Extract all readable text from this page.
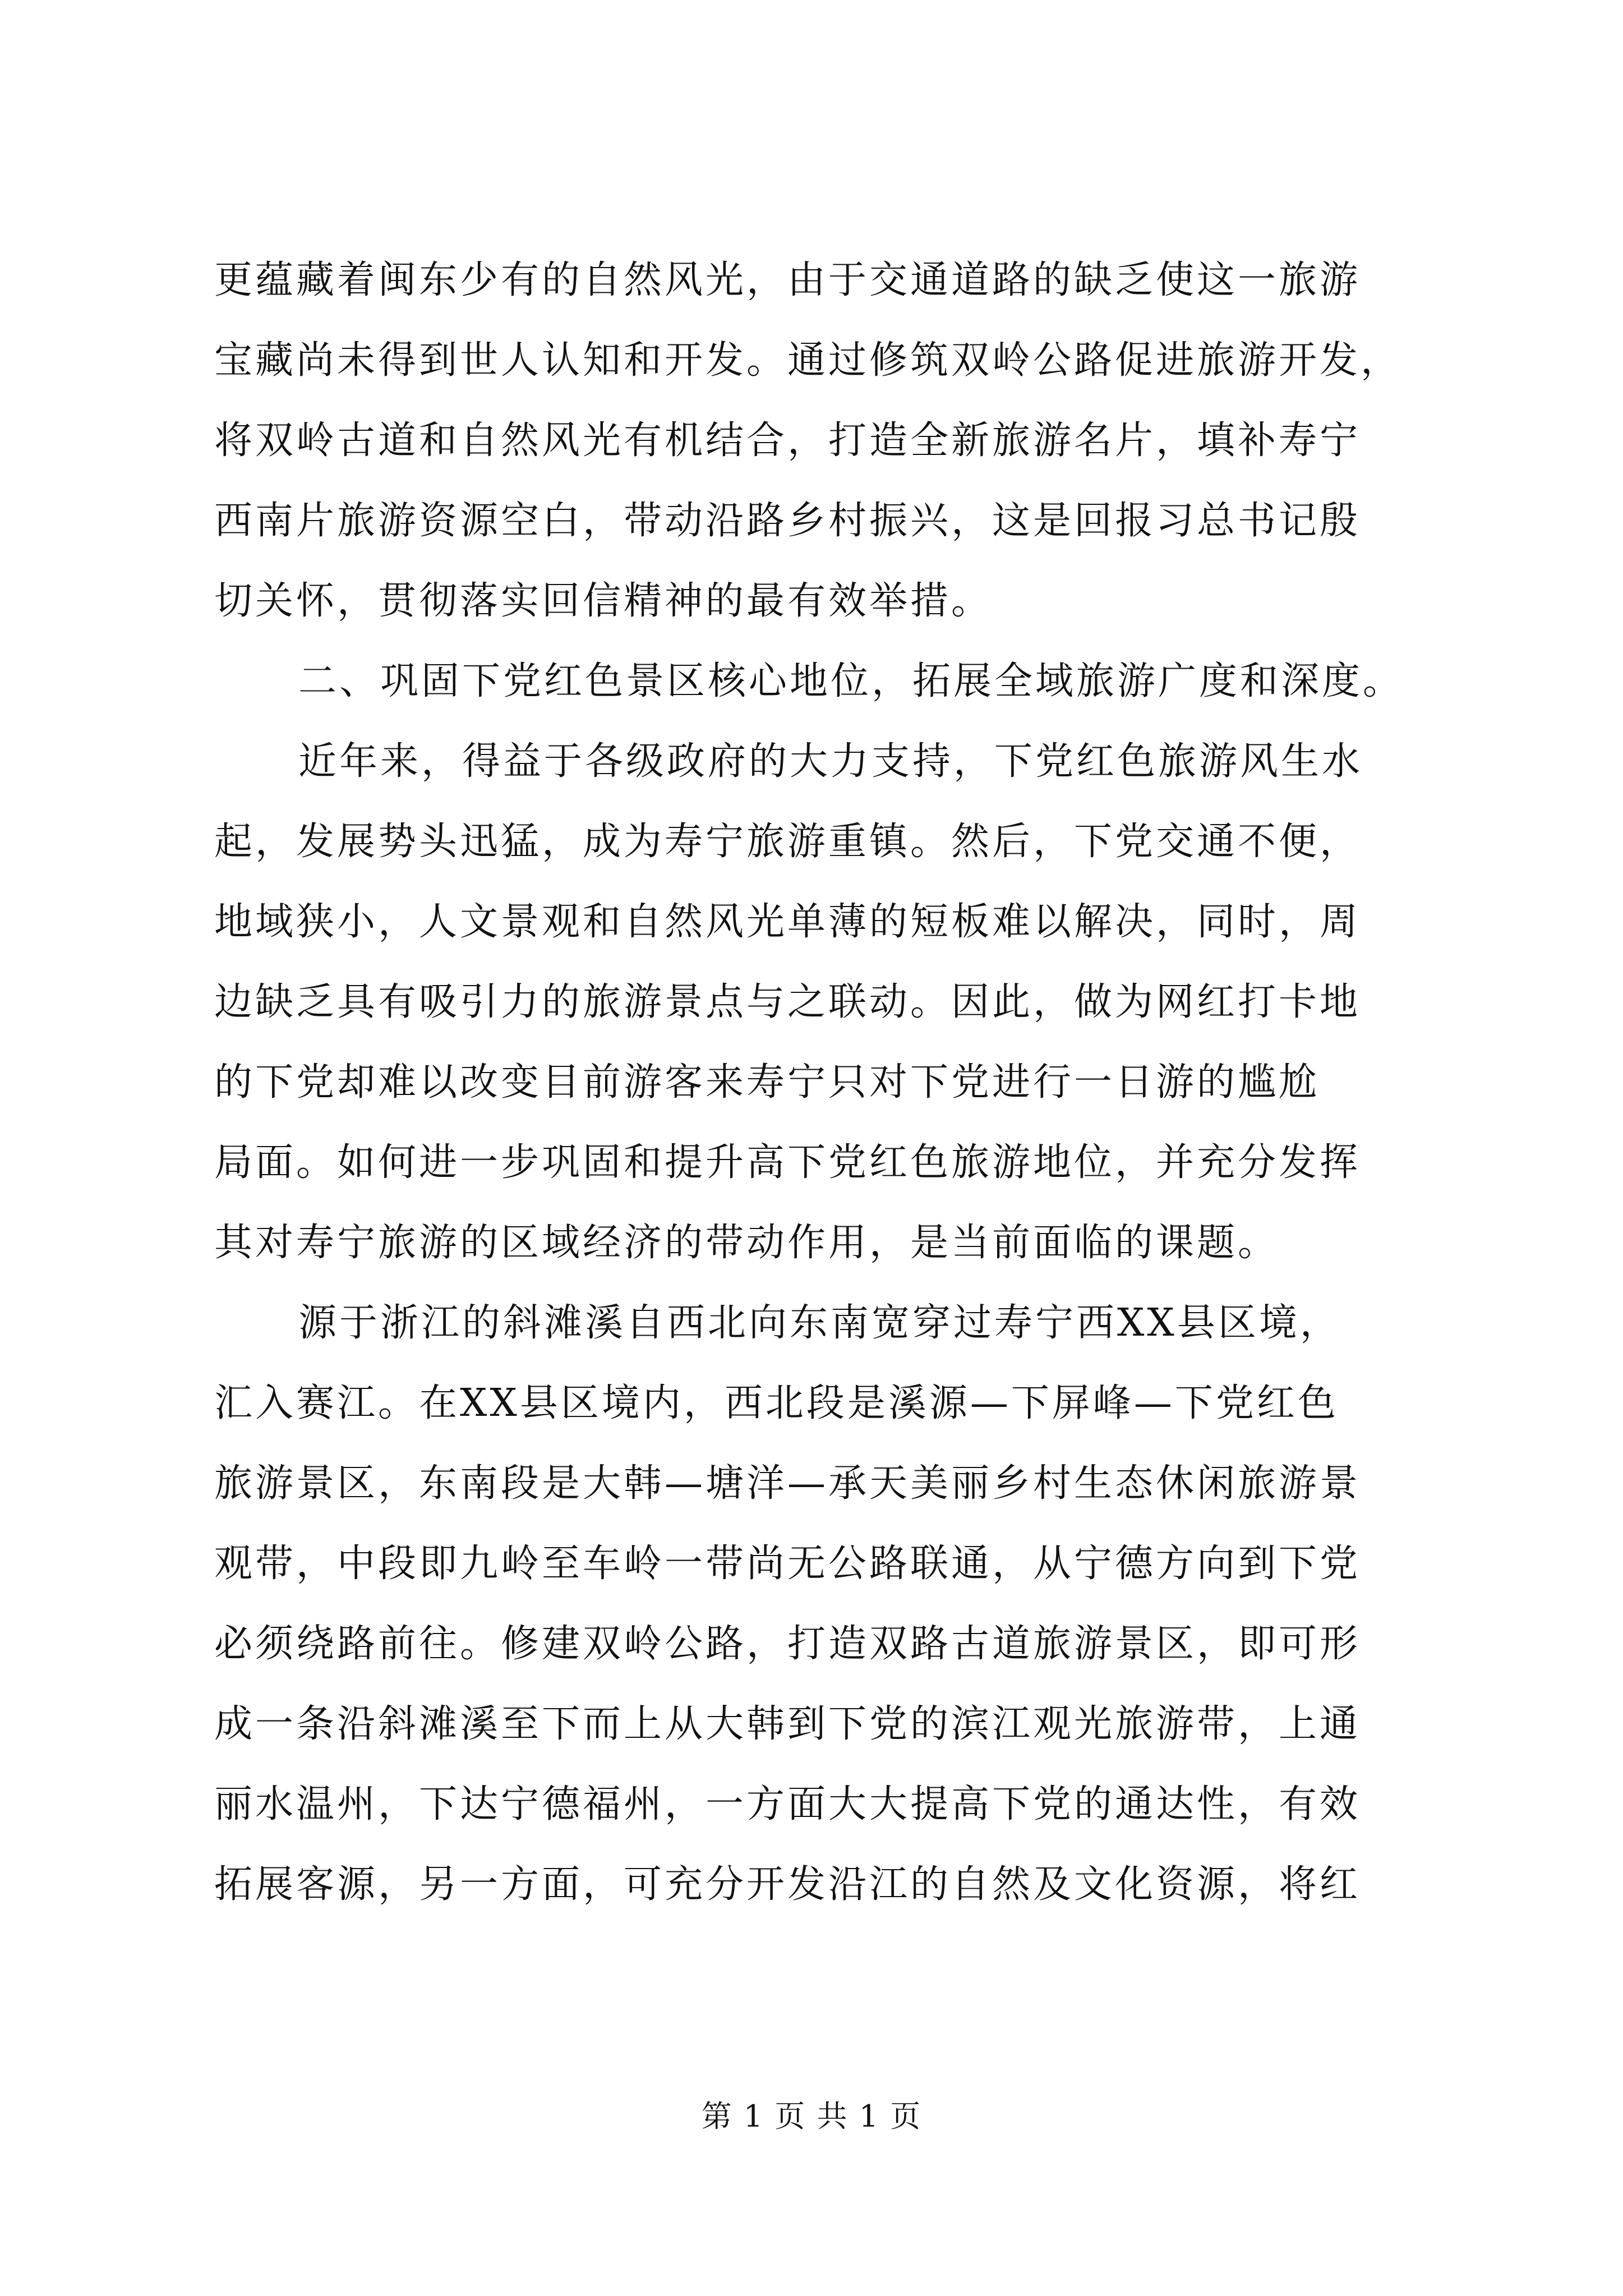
更蕴藏着闽东少有的自然风光，由于交通道路的缺乏使这一旅游
宝藏尚未得到世人认知和开发。通过修筑双岭公路促进旅游开发，
将双岭古道和自然风光有机结合，打造全新旅游名片，填补寿宁
西南片旅游资源空白，带动沿路乡村振兴，这是回报习总书记殷
切关怀，贯彻落实回信精神的最有效举措。
二、巩固下党红色景区核心地位，拓展全域旅游广度和深度。
近年来，得益于各级政府的大力支持，下党红色旅游风生水
起，发展势头迅猛，成为寿宁旅游重镇。然后，下党交通不便，
地域狭小，人文景观和自然风光单薄的短板难以解决，同时，周
边缺乏具有吸引力的旅游景点与之联动。因此，做为网红打卡地
的下党却难以改变目前游客来寿宁只对下党进行一日游的尴尬
局面。如何进一步巩固和提升高下党红色旅游地位，并充分发挥
其对寿宁旅游的区域经济的带动作用，是当前面临的课题。
源于浙江的斜滩溪自西北向东南宽穿过寿宁西XX县区境，
汇入赛江。在XX县区境内，西北段是溪源—下屏峰—下党红色
旅游景区，东南段是大韩—塘洋—承天美丽乡村生态休闲旅游景
观带，中段即九岭至车岭一带尚无公路联通，从宁德方向到下党
必须绕路前往。修建双岭公路，打造双路古道旅游景区，即可形
成一条沿斜滩溪至下而上从大韩到下党的滨江观光旅游带，上通
丽水温州，下达宁德福州，一方面大大提高下党的通达性，有效
拓展客源，另一方面，可充分开发沿江的自然及文化资源，将红
第 1 页 共 1 页
